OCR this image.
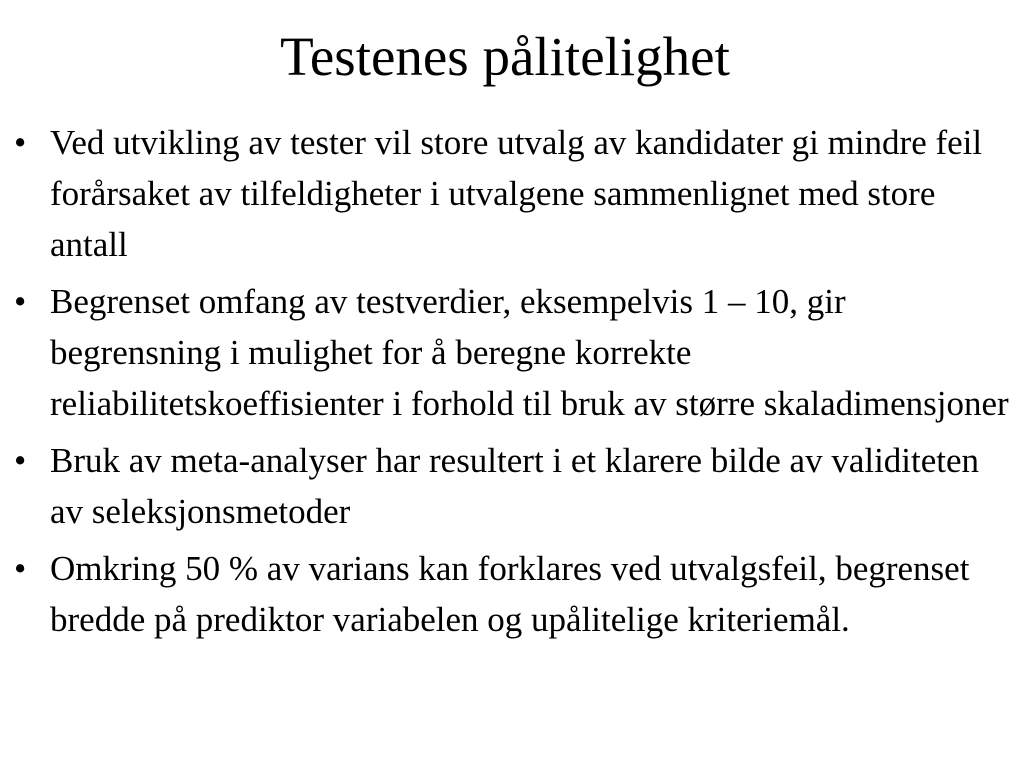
Testenes pålitelighet
• Ved utvikling av tester vil store utvalg av kandidater gi mindre feil forårsaket av tilfeldigheter i utvalgene sammenlignet med store antall
• Begrenset omfang av testverdier, eksempelvis 1 – 10, gir begrensning i mulighet for å beregne korrekte reliabilitetskoeffisienter i forhold til bruk av større skaladimensjoner
• Bruk av meta-analyser har resultert i et klarere bilde av validiteten av seleksjonsmetoder
• Omkring 50 % av varians kan forklares ved utvalgsfeil, begrenset bredde på prediktor variabelen og upålitelige kriteriemål.
